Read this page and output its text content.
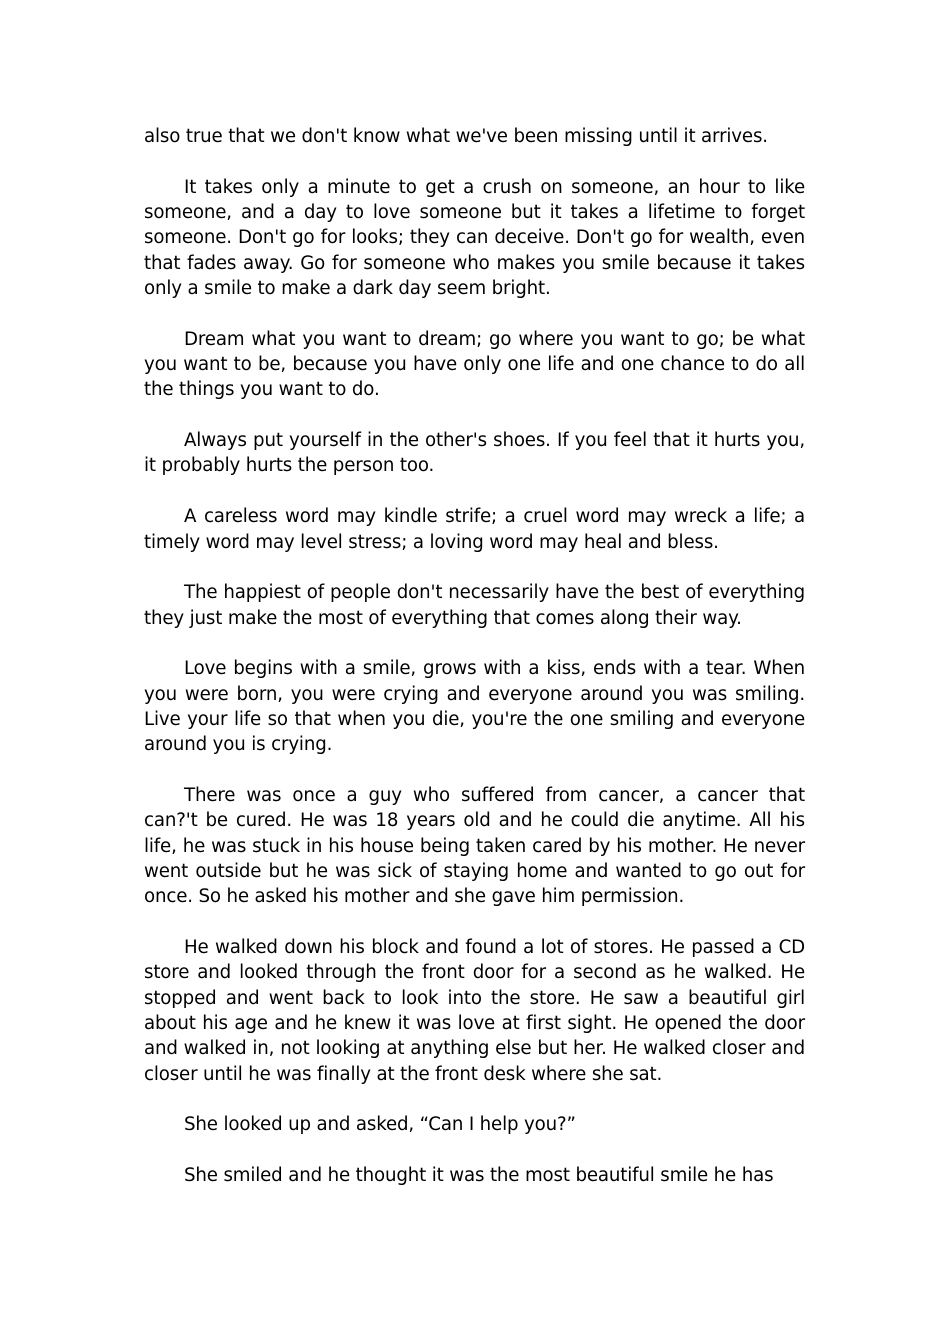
also true that we don't know what we've been missing until it arrives.

It takes only a minute to get a crush on someone, an hour to like someone, and a day to love someone but it takes a lifetime to forget someone. Don't go for looks; they can deceive. Don't go for wealth, even that fades away. Go for someone who makes you smile because it takes only a smile to make a dark day seem bright.

Dream what you want to dream; go where you want to go; be what you want to be, because you have only one life and one chance to do all the things you want to do.

Always put yourself in the other's shoes. If you feel that it hurts you, it probably hurts the person too.

A careless word may kindle strife; a cruel word may wreck a life; a timely word may level stress; a loving word may heal and bless.

The happiest of people don't necessarily have the best of everything they just make the most of everything that comes along their way.

Love begins with a smile, grows with a kiss, ends with a tear. When you were born, you were crying and everyone around you was smiling. Live your life so that when you die, you're the one smiling and everyone around you is crying.

There was once a guy who suffered from cancer, a cancer that can?'t be cured. He was 18 years old and he could die anytime. All his life, he was stuck in his house being taken cared by his mother. He never went outside but he was sick of staying home and wanted to go out for once. So he asked his mother and she gave him permission.

He walked down his block and found a lot of stores. He passed a CD store and looked through the front door for a second as he walked. He stopped and went back to look into the store. He saw a beautiful girl about his age and he knew it was love at first sight. He opened the door and walked in, not looking at anything else but her. He walked closer and closer until he was finally at the front desk where she sat.

She looked up and asked, “Can I help you?”

She smiled and he thought it was the most beautiful smile he has
